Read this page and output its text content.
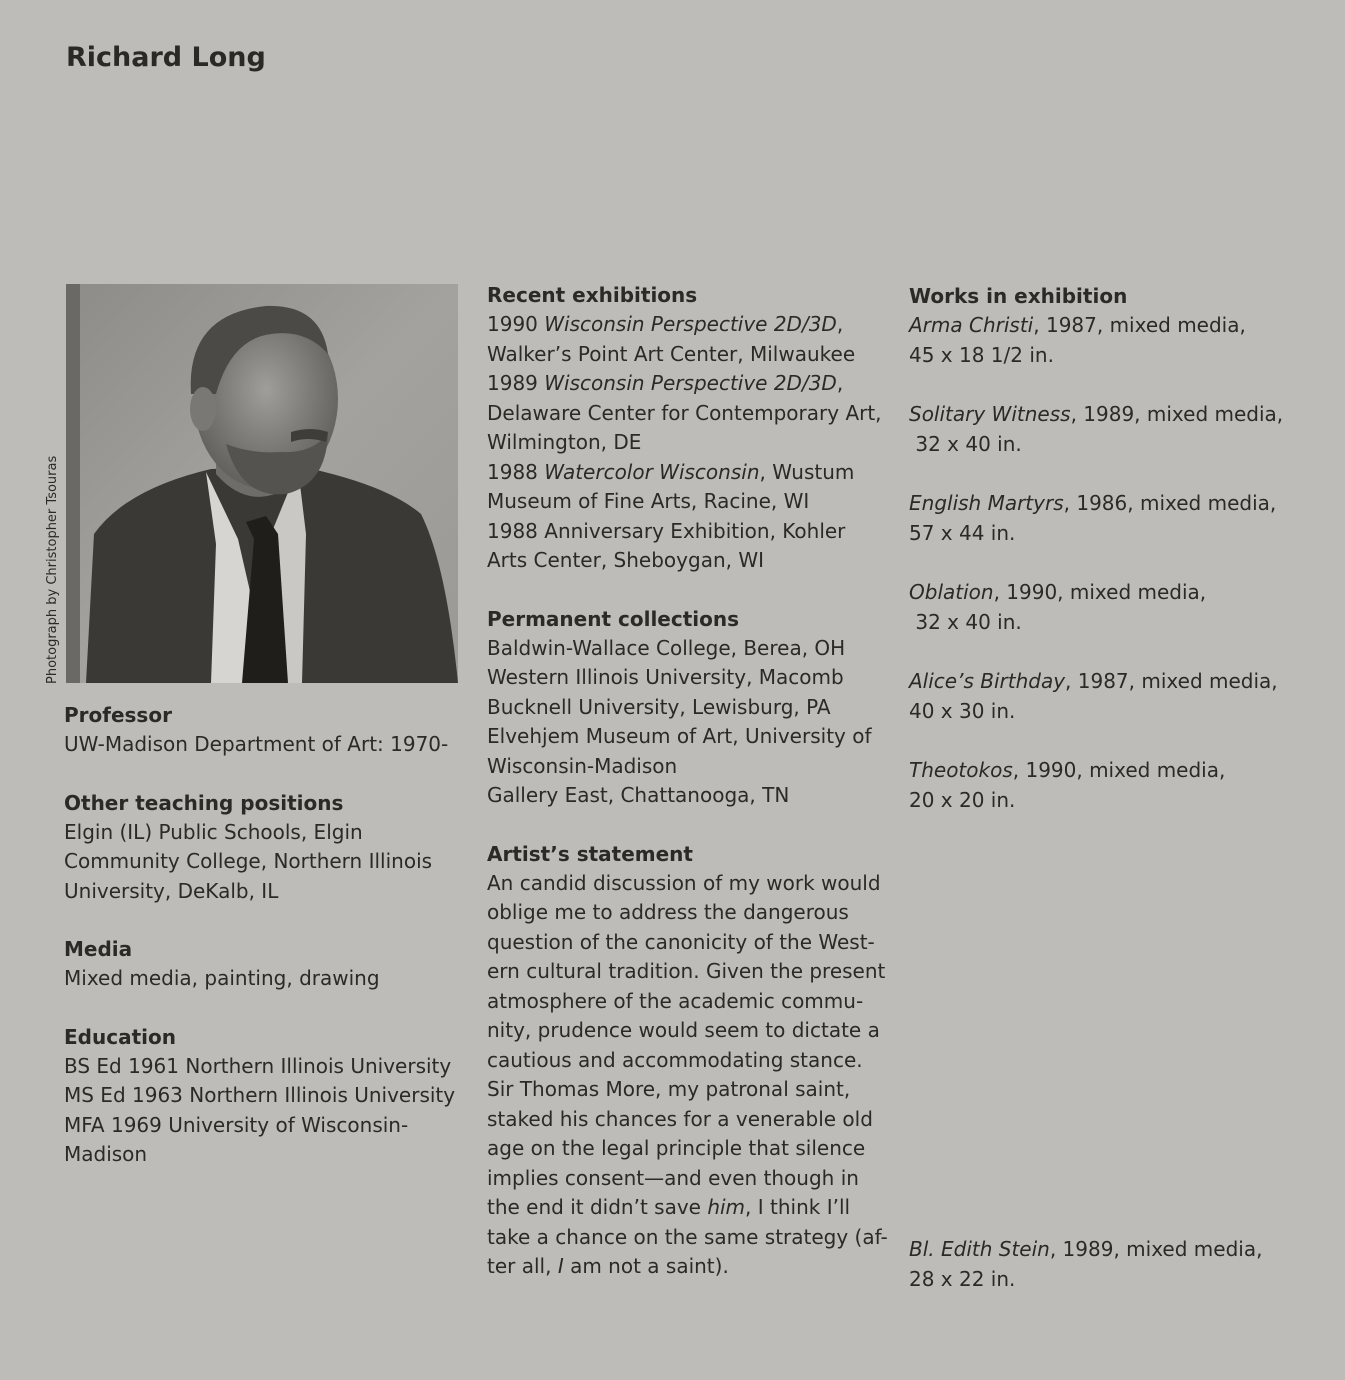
Richard Long
Photograph by Christopher Tsouras

Professor

UW-Madison Department of Art: 1970-

Other teaching positions

Elgin (IL) Public Schools, Elgin

Community College, Northern Illinois

University, DeKalb, IL

Media

Mixed media, painting, drawing

Education

BS Ed 1961 Northern Illinois University

MS Ed 1963 Northern Illinois University

MFA 1969 University of Wisconsin-

Madison

Recent exhibitions

1990 Wisconsin Perspective 2D/3D,

Walker’s Point Art Center, Milwaukee

1989 Wisconsin Perspective 2D/3D,

Delaware Center for Contemporary Art,

Wilmington, DE

1988 Watercolor Wisconsin, Wustum

Museum of Fine Arts, Racine, WI

1988 Anniversary Exhibition, Kohler

Arts Center, Sheboygan, WI

Permanent collections

Baldwin-Wallace College, Berea, OH

Western Illinois University, Macomb

Bucknell University, Lewisburg, PA

Elvehjem Museum of Art, University of

Wisconsin-Madison

Gallery East, Chattanooga, TN

Artist’s statement

An candid discussion of my work would

oblige me to address the dangerous

question of the canonicity of the West-

ern cultural tradition. Given the present

atmosphere of the academic commu-

nity, prudence would seem to dictate a

cautious and accommodating stance.

Sir Thomas More, my patronal saint,

staked his chances for a venerable old

age on the legal principle that silence

implies consent—and even though in

the end it didn’t save him, I think I’ll

take a chance on the same strategy (af-

ter all, I am not a saint).

Works in exhibition

Arma Christi, 1987, mixed media,

45 x 18 1/2 in.

Solitary Witness, 1989, mixed media,

32 x 40 in.

English Martyrs, 1986, mixed media,

57 x 44 in.

Oblation, 1990, mixed media,

32 x 40 in.

Alice’s Birthday, 1987, mixed media,

40 x 30 in.

Theotokos, 1990, mixed media,

20 x 20 in.

Bl. Edith Stein, 1989, mixed media,

28 x 22 in.
